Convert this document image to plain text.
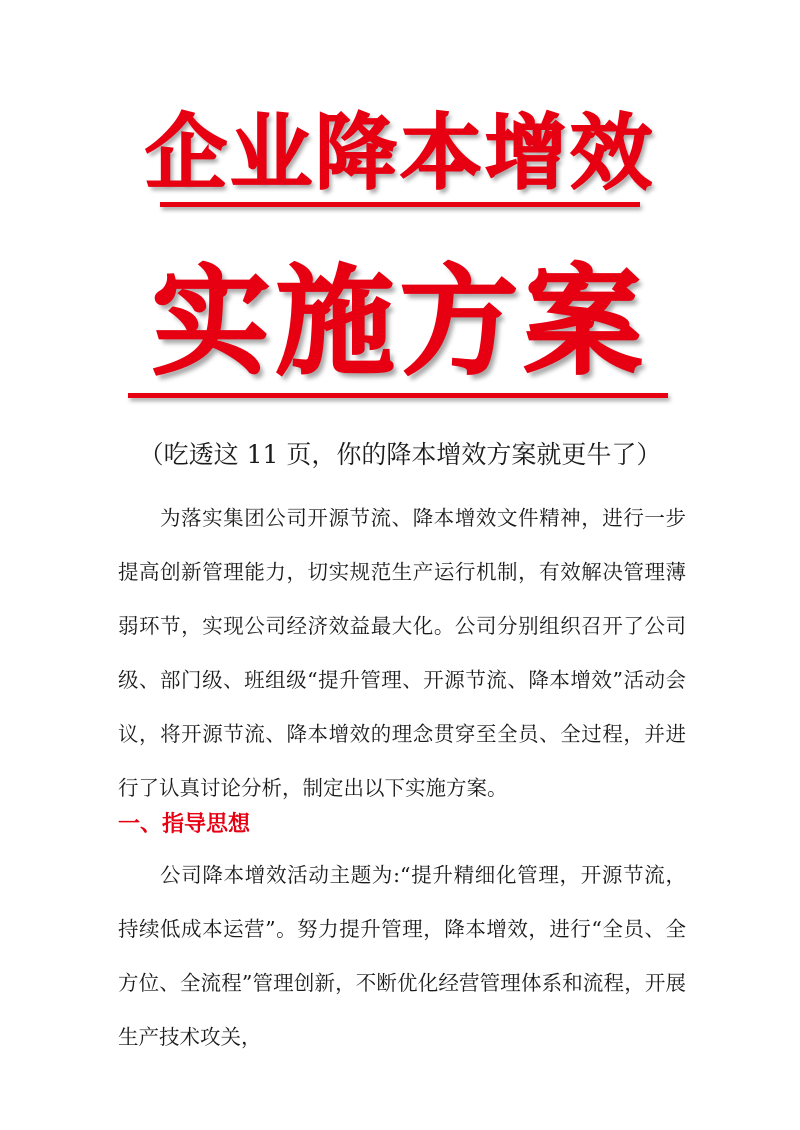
企业降本增效
实施方案
（吃透这 11 页，你的降本增效方案就更牛了）

为落实集团公司开源节流、降本增效文件精神，进行一步提高创新管理能力，切实规范生产运行机制，有效解决管理薄弱环节，实现公司经济效益最大化。公司分别组织召开了公司级、部门级、班组级“提升管理、开源节流、降本增效”活动会议，将开源节流、降本增效的理念贯穿至全员、全过程，并进行了认真讨论分析，制定出以下实施方案。

一、指导思想

公司降本增效活动主题为:“提升精细化管理，开源节流，持续低成本运营”。努力提升管理，降本增效，进行“全员、全方位、全流程”管理创新，不断优化经营管理体系和流程，开展生产技术攻关，
